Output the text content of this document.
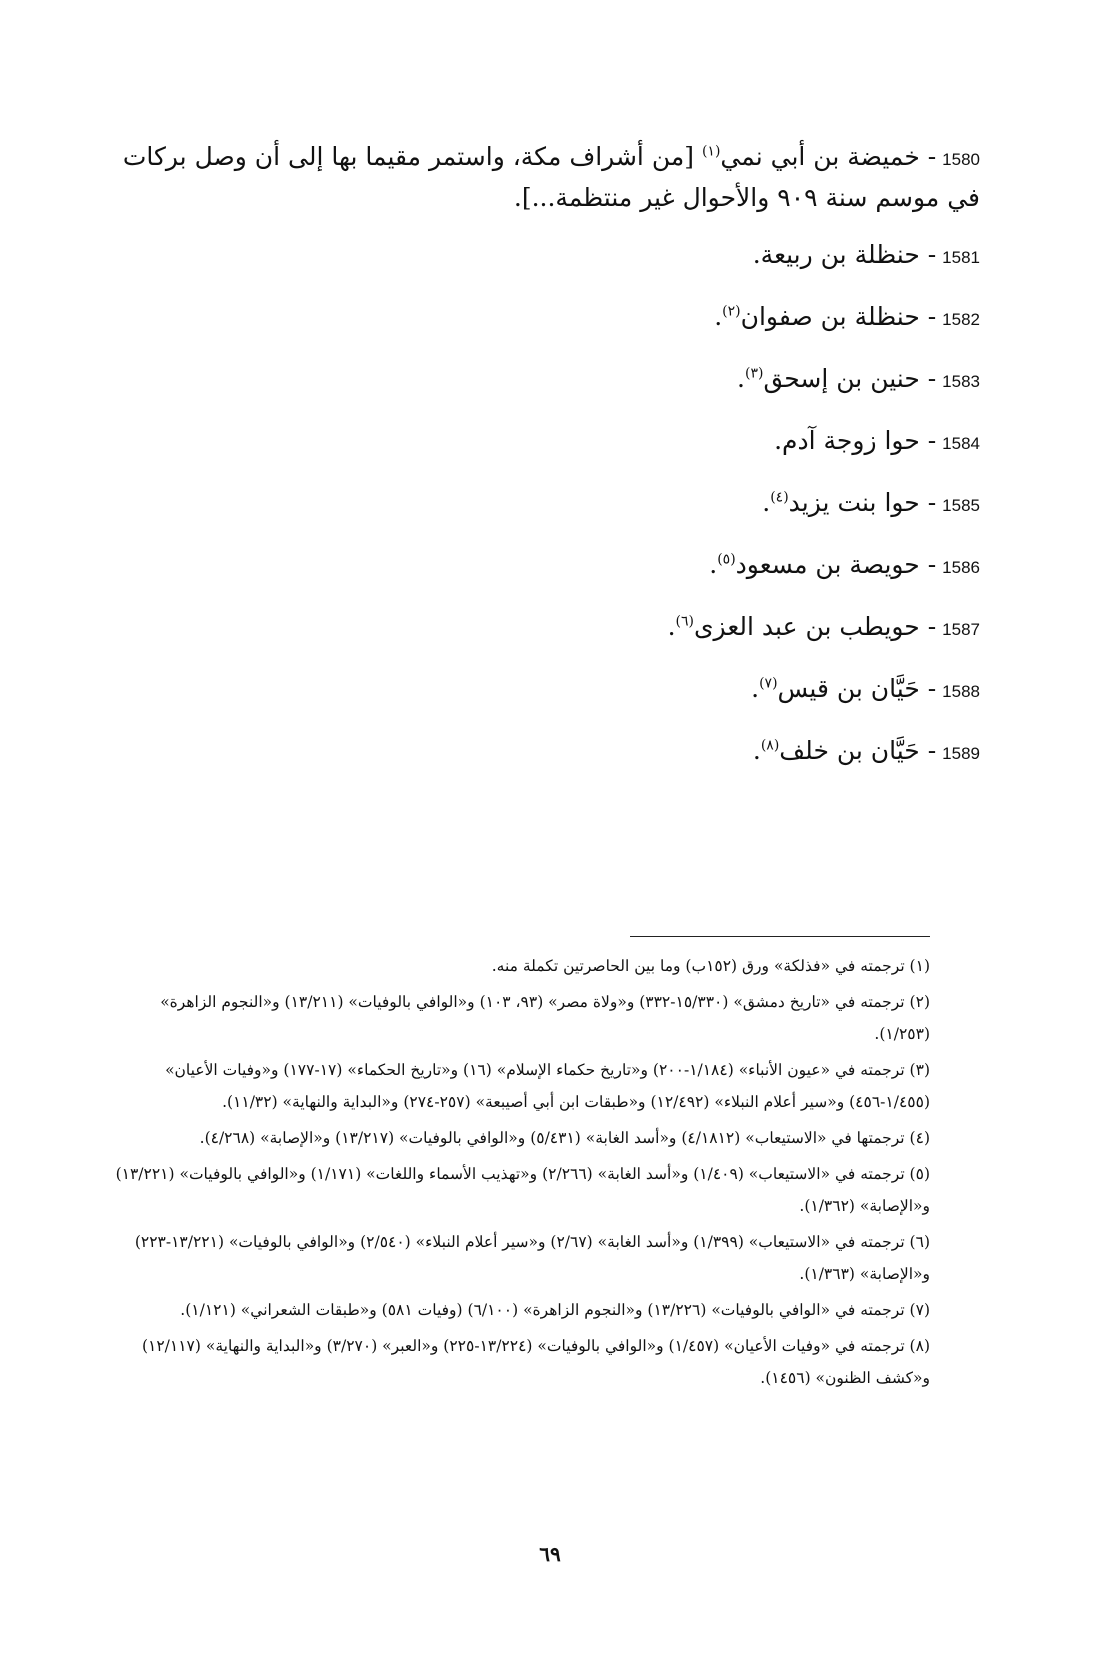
1580- خميضة بن أبي نمي$^{(١)}$ [من أشراف مكة، واستمر مقيما بها إلى أن وصل بركات في موسم سنة ٩٠٩ والأحوال غير منتظمة...].

1581- حنظلة بن ربيعة.

1582- حنظلة بن صفوان$^{(٢)}$.

1583- حنين بن إسحق$^{(٣)}$.

1584- حوا زوجة آدم.

1585- حوا بنت يزيد$^{(٤)}$.

1586- حويصة بن مسعود$^{(٥)}$.

1587- حويطب بن عبد العزى$^{(٦)}$.

1588- حَيَّان بن قيس$^{(٧)}$.

1589- حَيَّان بن خلف$^{(٨)}$.

(١) ترجمته في «فذلكة» ورق (١٥٢ب) وما بين الحاصرتين تكملة منه.

(٢) ترجمته في «تاريخ دمشق» (١٥/٣٣٠-٣٣٢) و«ولاة مصر» (٩٣، ١٠٣) و«الوافي بالوفيات» (١٣/٢١١) و«النجوم الزاهرة» (١/٢٥٣).

(٣) ترجمته في «عيون الأنباء» (١/١٨٤-٢٠٠) و«تاريخ حكماء الإسلام» (١٦) و«تاريخ الحكماء» (١٧-١٧٧) و«وفيات الأعيان» (١/٤٥٥-٤٥٦) و«سير أعلام النبلاء» (١٢/٤٩٢) و«طبقات ابن أبي أصيبعة» (٢٥٧-٢٧٤) و«البداية والنهاية» (١١/٣٢).

(٤) ترجمتها في «الاستيعاب» (٤/١٨١٢) و«أسد الغابة» (٥/٤٣١) و«الوافي بالوفيات» (١٣/٢١٧) و«الإصابة» (٤/٢٦٨).

(٥) ترجمته في «الاستيعاب» (١/٤٠٩) و«أسد الغابة» (٢/٢٦٦) و«تهذيب الأسماء واللغات» (١/١٧١) و«الوافي بالوفيات» (١٣/٢٢١) و«الإصابة» (١/٣٦٢).

(٦) ترجمته في «الاستيعاب» (١/٣٩٩) و«أسد الغابة» (٢/٦٧) و«سير أعلام النبلاء» (٢/٥٤٠) و«الوافي بالوفيات» (١٣/٢٢١-٢٢٣) و«الإصابة» (١/٣٦٣).

(٧) ترجمته في «الوافي بالوفيات» (١٣/٢٢٦) و«النجوم الزاهرة» (٦/١٠٠) (وفيات ٥٨١) و«طبقات الشعراني» (١/١٢١).

(٨) ترجمته في «وفيات الأعيان» (١/٤٥٧) و«الوافي بالوفيات» (١٣/٢٢٤-٢٢٥) و«العبر» (٣/٢٧٠) و«البداية والنهاية» (١٢/١١٧) و«كشف الظنون» (١٤٥٦).

٦٩
